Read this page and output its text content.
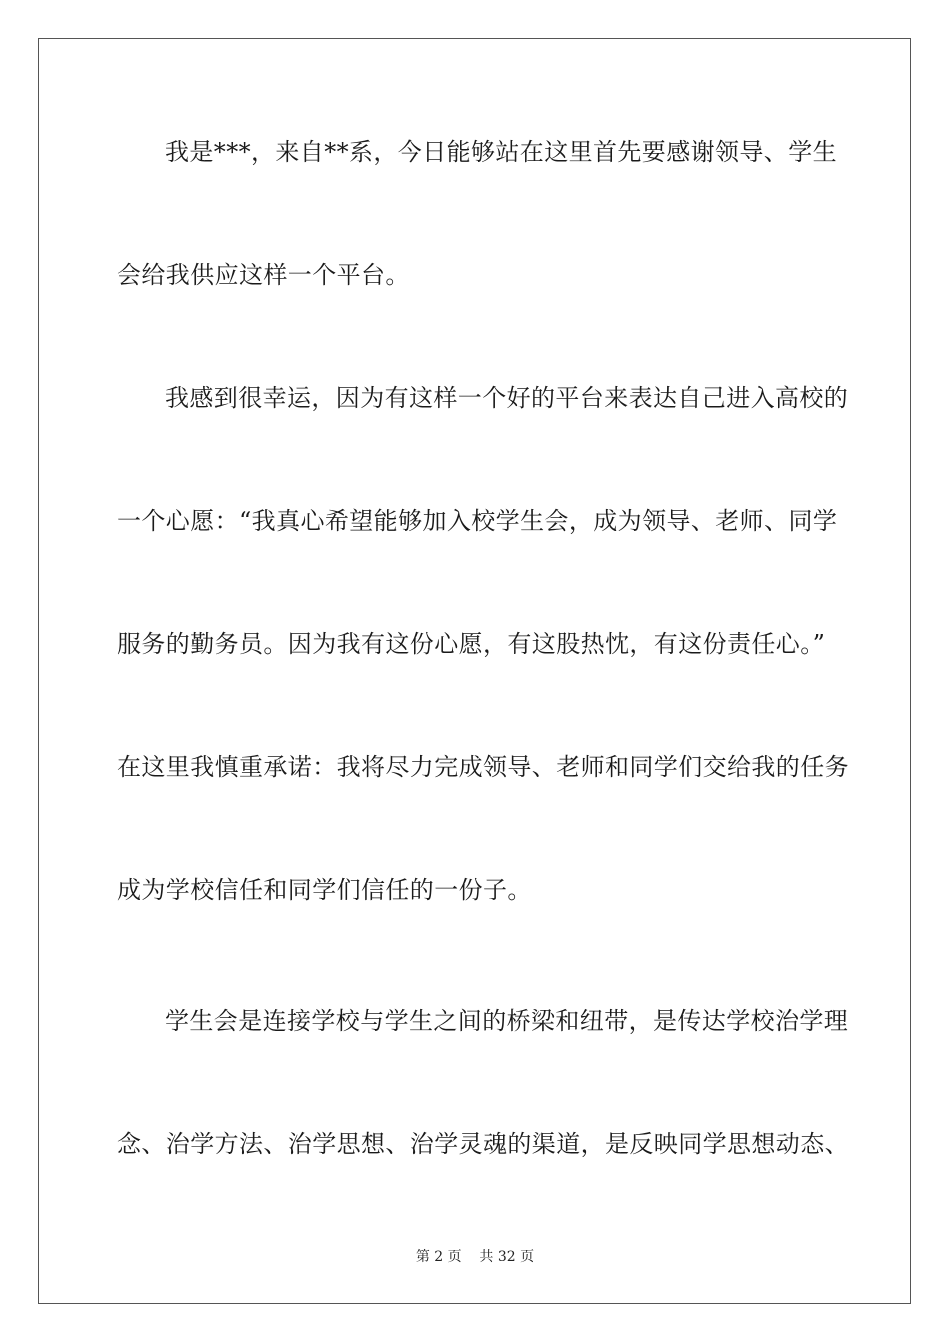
我是***，来自**系，今日能够站在这里首先要感谢领导、学生
会给我供应这样一个平台。
我感到很幸运，因为有这样一个好的平台来表达自己进入高校的
一个心愿：“我真心希望能够加入校学生会，成为领导、老师、同学
服务的勤务员。因为我有这份心愿，有这股热忱，有这份责任心。”
在这里我慎重承诺：我将尽力完成领导、老师和同学们交给我的任务
成为学校信任和同学们信任的一份子。
学生会是连接学校与学生之间的桥梁和纽带，是传达学校治学理
念、治学方法、治学思想、治学灵魂的渠道，是反映同学思想动态、
第 2 页    共 32 页
